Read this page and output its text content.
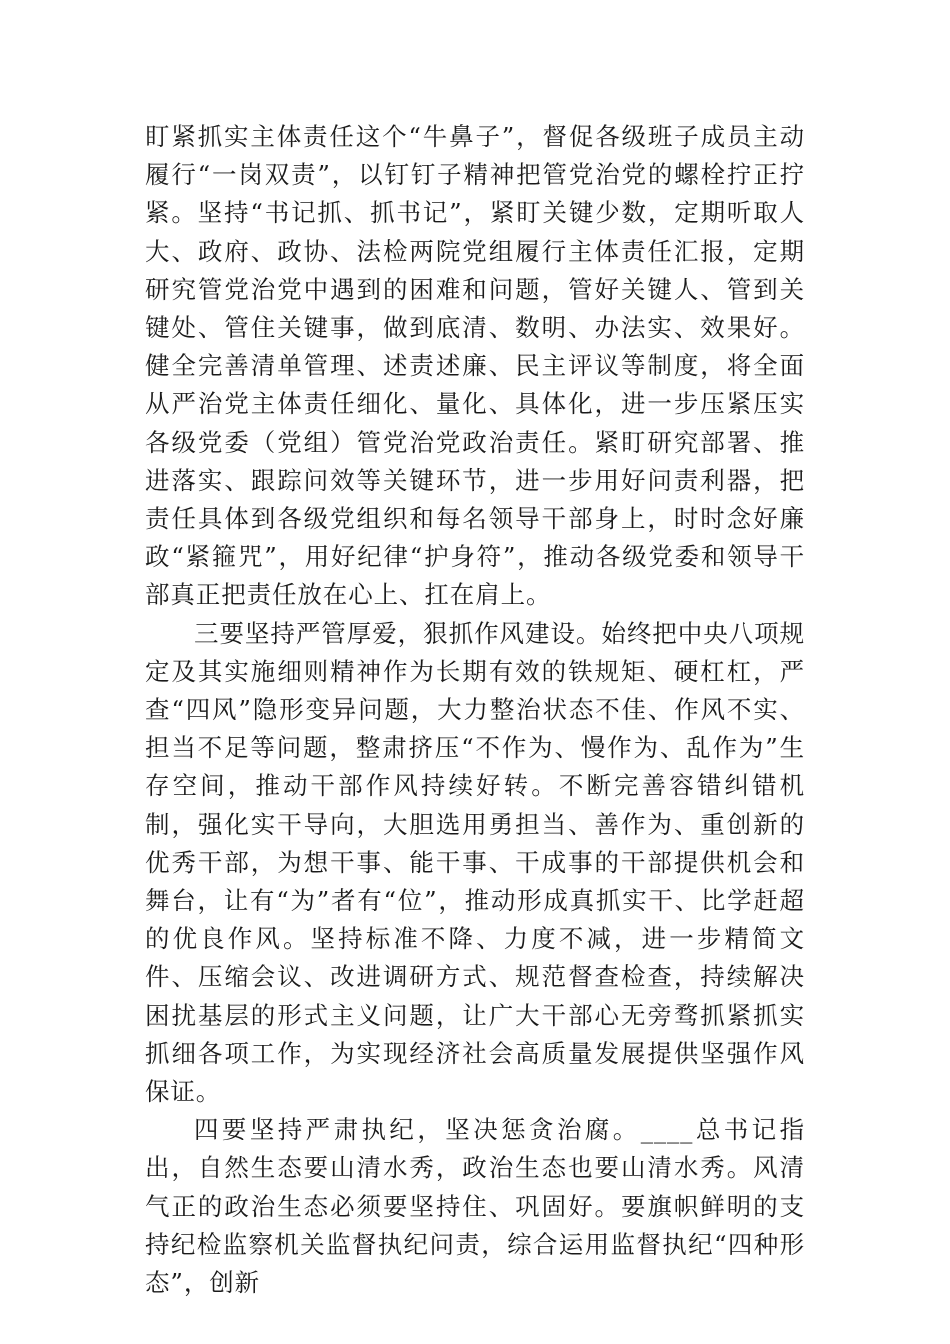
盯紧抓实主体责任这个“牛鼻子”，督促各级班子成员主动履行“一岗双责”，以钉钉子精神把管党治党的螺栓拧正拧紧。坚持“书记抓、抓书记”，紧盯关键少数，定期听取人大、政府、政协、法检两院党组履行主体责任汇报，定期研究管党治党中遇到的困难和问题，管好关键人、管到关键处、管住关键事，做到底清、数明、办法实、效果好。健全完善清单管理、述责述廉、民主评议等制度，将全面从严治党主体责任细化、量化、具体化，进一步压紧压实各级党委（党组）管党治党政治责任。紧盯研究部署、推进落实、跟踪问效等关键环节，进一步用好问责利器，把责任具体到各级党组织和每名领导干部身上，时时念好廉政“紧箍咒”，用好纪律“护身符”，推动各级党委和领导干部真正把责任放在心上、扛在肩上。

三要坚持严管厚爱，狠抓作风建设。始终把中央八项规定及其实施细则精神作为长期有效的铁规矩、硬杠杠，严查“四风”隐形变异问题，大力整治状态不佳、作风不实、担当不足等问题，整肃挤压“不作为、慢作为、乱作为”生存空间，推动干部作风持续好转。不断完善容错纠错机制，强化实干导向，大胆选用勇担当、善作为、重创新的优秀干部，为想干事、能干事、干成事的干部提供机会和舞台，让有“为”者有“位”，推动形成真抓实干、比学赶超的优良作风。坚持标准不降、力度不减，进一步精简文件、压缩会议、改进调研方式、规范督查检查，持续解决困扰基层的形式主义问题，让广大干部心无旁骛抓紧抓实抓细各项工作，为实现经济社会高质量发展提供坚强作风保证。

四要坚持严肃执纪，坚决惩贪治腐。____总书记指出，自然生态要山清水秀，政治生态也要山清水秀。风清气正的政治生态必须要坚持住、巩固好。要旗帜鲜明的支持纪检监察机关监督执纪问责，综合运用监督执纪“四种形态”，创新
